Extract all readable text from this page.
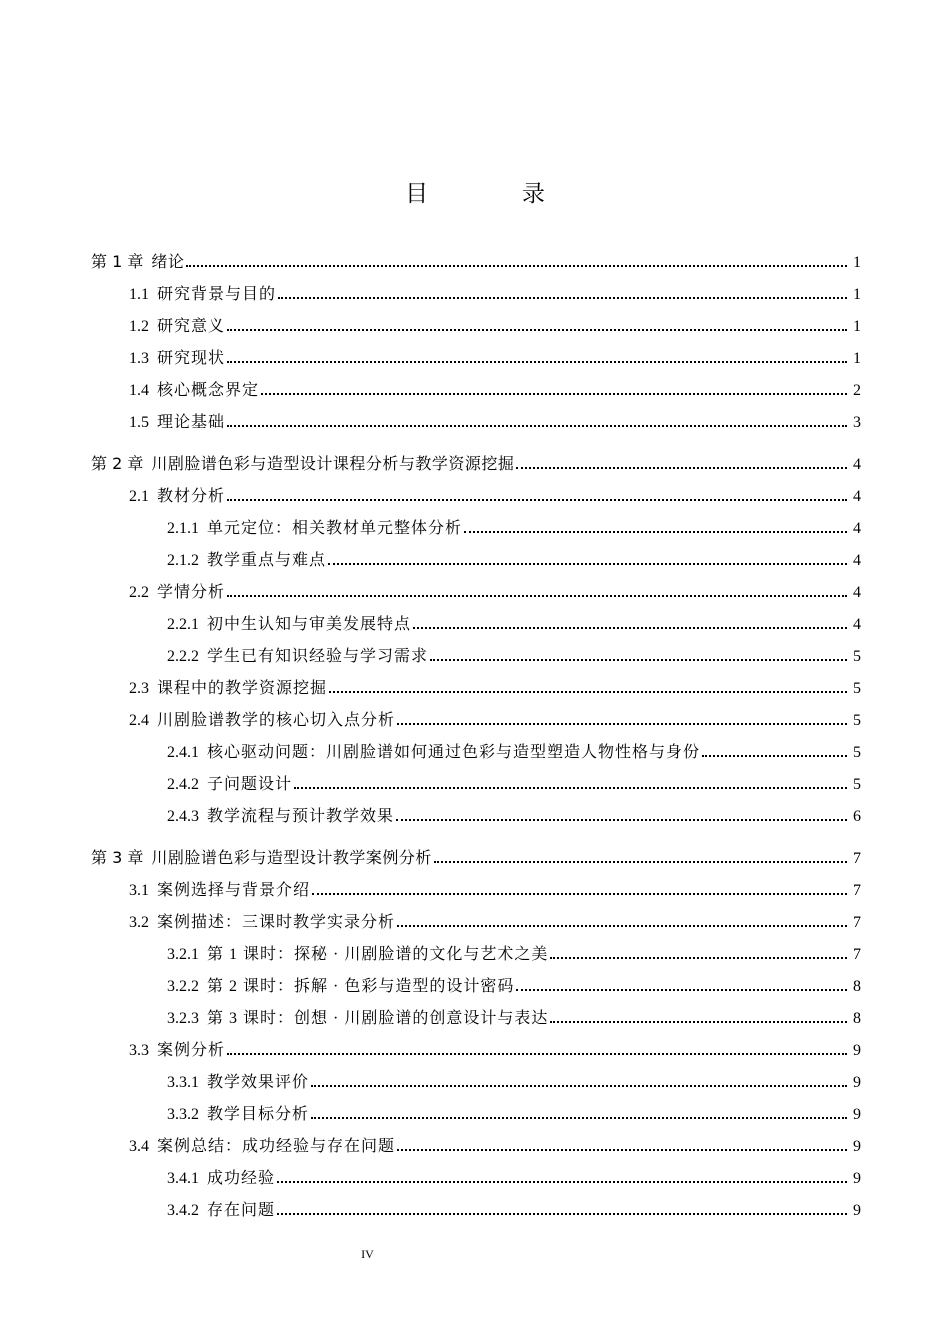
目 录
第 1 章 绪论	1
1.1 研究背景与目的	1
1.2 研究意义	1
1.3 研究现状	1
1.4 核心概念界定	2
1.5 理论基础	3
第 2 章 川剧脸谱色彩与造型设计课程分析与教学资源挖掘	4
2.1 教材分析	4
2.1.1 单元定位：相关教材单元整体分析	4
2.1.2 教学重点与难点	4
2.2 学情分析	4
2.2.1 初中生认知与审美发展特点	4
2.2.2 学生已有知识经验与学习需求	5
2.3 课程中的教学资源挖掘	5
2.4 川剧脸谱教学的核心切入点分析	5
2.4.1 核心驱动问题：川剧脸谱如何通过色彩与造型塑造人物性格与身份	5
2.4.2 子问题设计	5
2.4.3 教学流程与预计教学效果	6
第 3 章 川剧脸谱色彩与造型设计教学案例分析	7
3.1 案例选择与背景介绍	7
3.2 案例描述：三课时教学实录分析	7
3.2.1 第 1 课时：探秘 · 川剧脸谱的文化与艺术之美	7
3.2.2 第 2 课时：拆解 · 色彩与造型的设计密码	8
3.2.3 第 3 课时：创想 · 川剧脸谱的创意设计与表达	8
3.3 案例分析	9
3.3.1 教学效果评价	9
3.3.2 教学目标分析	9
3.4 案例总结：成功经验与存在问题	9
3.4.1 成功经验	9
3.4.2 存在问题	9
IV
